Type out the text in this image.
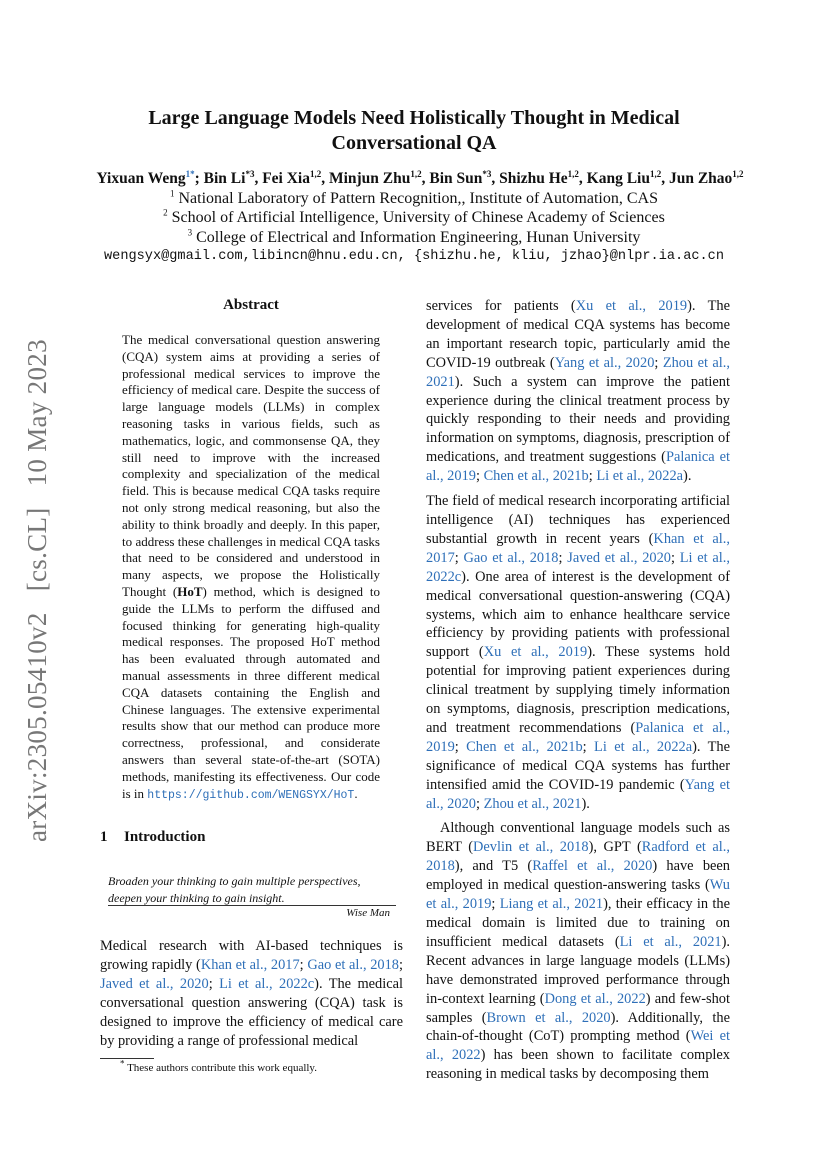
arXiv:2305.05410v2 [cs.CL] 10 May 2023
Large Language Models Need Holistically Thought in Medical
Conversational QA
Yixuan Weng$^{1*}$; Bin Li$^{*3}$, Fei Xia$^{1,2}$, Minjun Zhu$^{1,2}$, Bin Sun$^{*3}$, Shizhu He$^{1,2}$, Kang Liu$^{1,2}$, Jun Zhao$^{1,2}$
$^1$ National Laboratory of Pattern Recognition,, Institute of Automation, CAS
$^2$ School of Artificial Intelligence, University of Chinese Academy of Sciences
$^3$ College of Electrical and Information Engineering, Hunan University
wengsyx@gmail.com,libincn@hnu.edu.cn, {shizhu.he, kliu, jzhao}@nlpr.ia.ac.cn
Abstract
The medical conversational question answering (CQA) system aims at providing a series of professional medical services to improve the efficiency of medical care. Despite the success of large language models (LLMs) in complex reasoning tasks in various fields, such as mathematics, logic, and commonsense QA, they still need to improve with the increased complexity and specialization of the medical field. This is because medical CQA tasks require not only strong medical reasoning, but also the ability to think broadly and deeply. In this paper, to address these challenges in medical CQA tasks that need to be considered and understood in many aspects, we propose the Holistically Thought (HoT) method, which is designed to guide the LLMs to perform the diffused and focused thinking for generating high-quality medical responses. The proposed HoT method has been evaluated through automated and manual assessments in three different medical CQA datasets containing the English and Chinese languages. The extensive experimental results show that our method can produce more correctness, professional, and considerate answers than several state-of-the-art (SOTA) methods, manifesting its effectiveness. Our code is in https://github.com/WENGSYX/HoT.
1 Introduction
Broaden your thinking to gain multiple perspectives,
deepen your thinking to gain insight.
Wise Man
Medical research with AI-based techniques is growing rapidly (Khan et al., 2017; Gao et al., 2018; Javed et al., 2020; Li et al., 2022c). The medical conversational question answering (CQA) task is designed to improve the efficiency of medical care by providing a range of professional medical
* These authors contribute this work equally.

services for patients (Xu et al., 2019). The development of medical CQA systems has become an important research topic, particularly amid the COVID-19 outbreak (Yang et al., 2020; Zhou et al., 2021). Such a system can improve the patient experience during the clinical treatment process by quickly responding to their needs and providing information on symptoms, diagnosis, prescription of medications, and treatment suggestions (Palanica et al., 2019; Chen et al., 2021b; Li et al., 2022a).

The field of medical research incorporating artificial intelligence (AI) techniques has experienced substantial growth in recent years (Khan et al., 2017; Gao et al., 2018; Javed et al., 2020; Li et al., 2022c). One area of interest is the development of medical conversational question-answering (CQA) systems, which aim to enhance healthcare service efficiency by providing patients with professional support (Xu et al., 2019). These systems hold potential for improving patient experiences during clinical treatment by supplying timely information on symptoms, diagnosis, prescription medications, and treatment recommendations (Palanica et al., 2019; Chen et al., 2021b; Li et al., 2022a). The significance of medical CQA systems has further intensified amid the COVID-19 pandemic (Yang et al., 2020; Zhou et al., 2021).

Although conventional language models such as BERT (Devlin et al., 2018), GPT (Radford et al., 2018), and T5 (Raffel et al., 2020) have been employed in medical question-answering tasks (Wu et al., 2019; Liang et al., 2021), their efficacy in the medical domain is limited due to training on insufficient medical datasets (Li et al., 2021). Recent advances in large language models (LLMs) have demonstrated improved performance through in-context learning (Dong et al., 2022) and few-shot samples (Brown et al., 2020). Additionally, the chain-of-thought (CoT) prompting method (Wei et al., 2022) has been shown to facilitate complex reasoning in medical tasks by decomposing them
